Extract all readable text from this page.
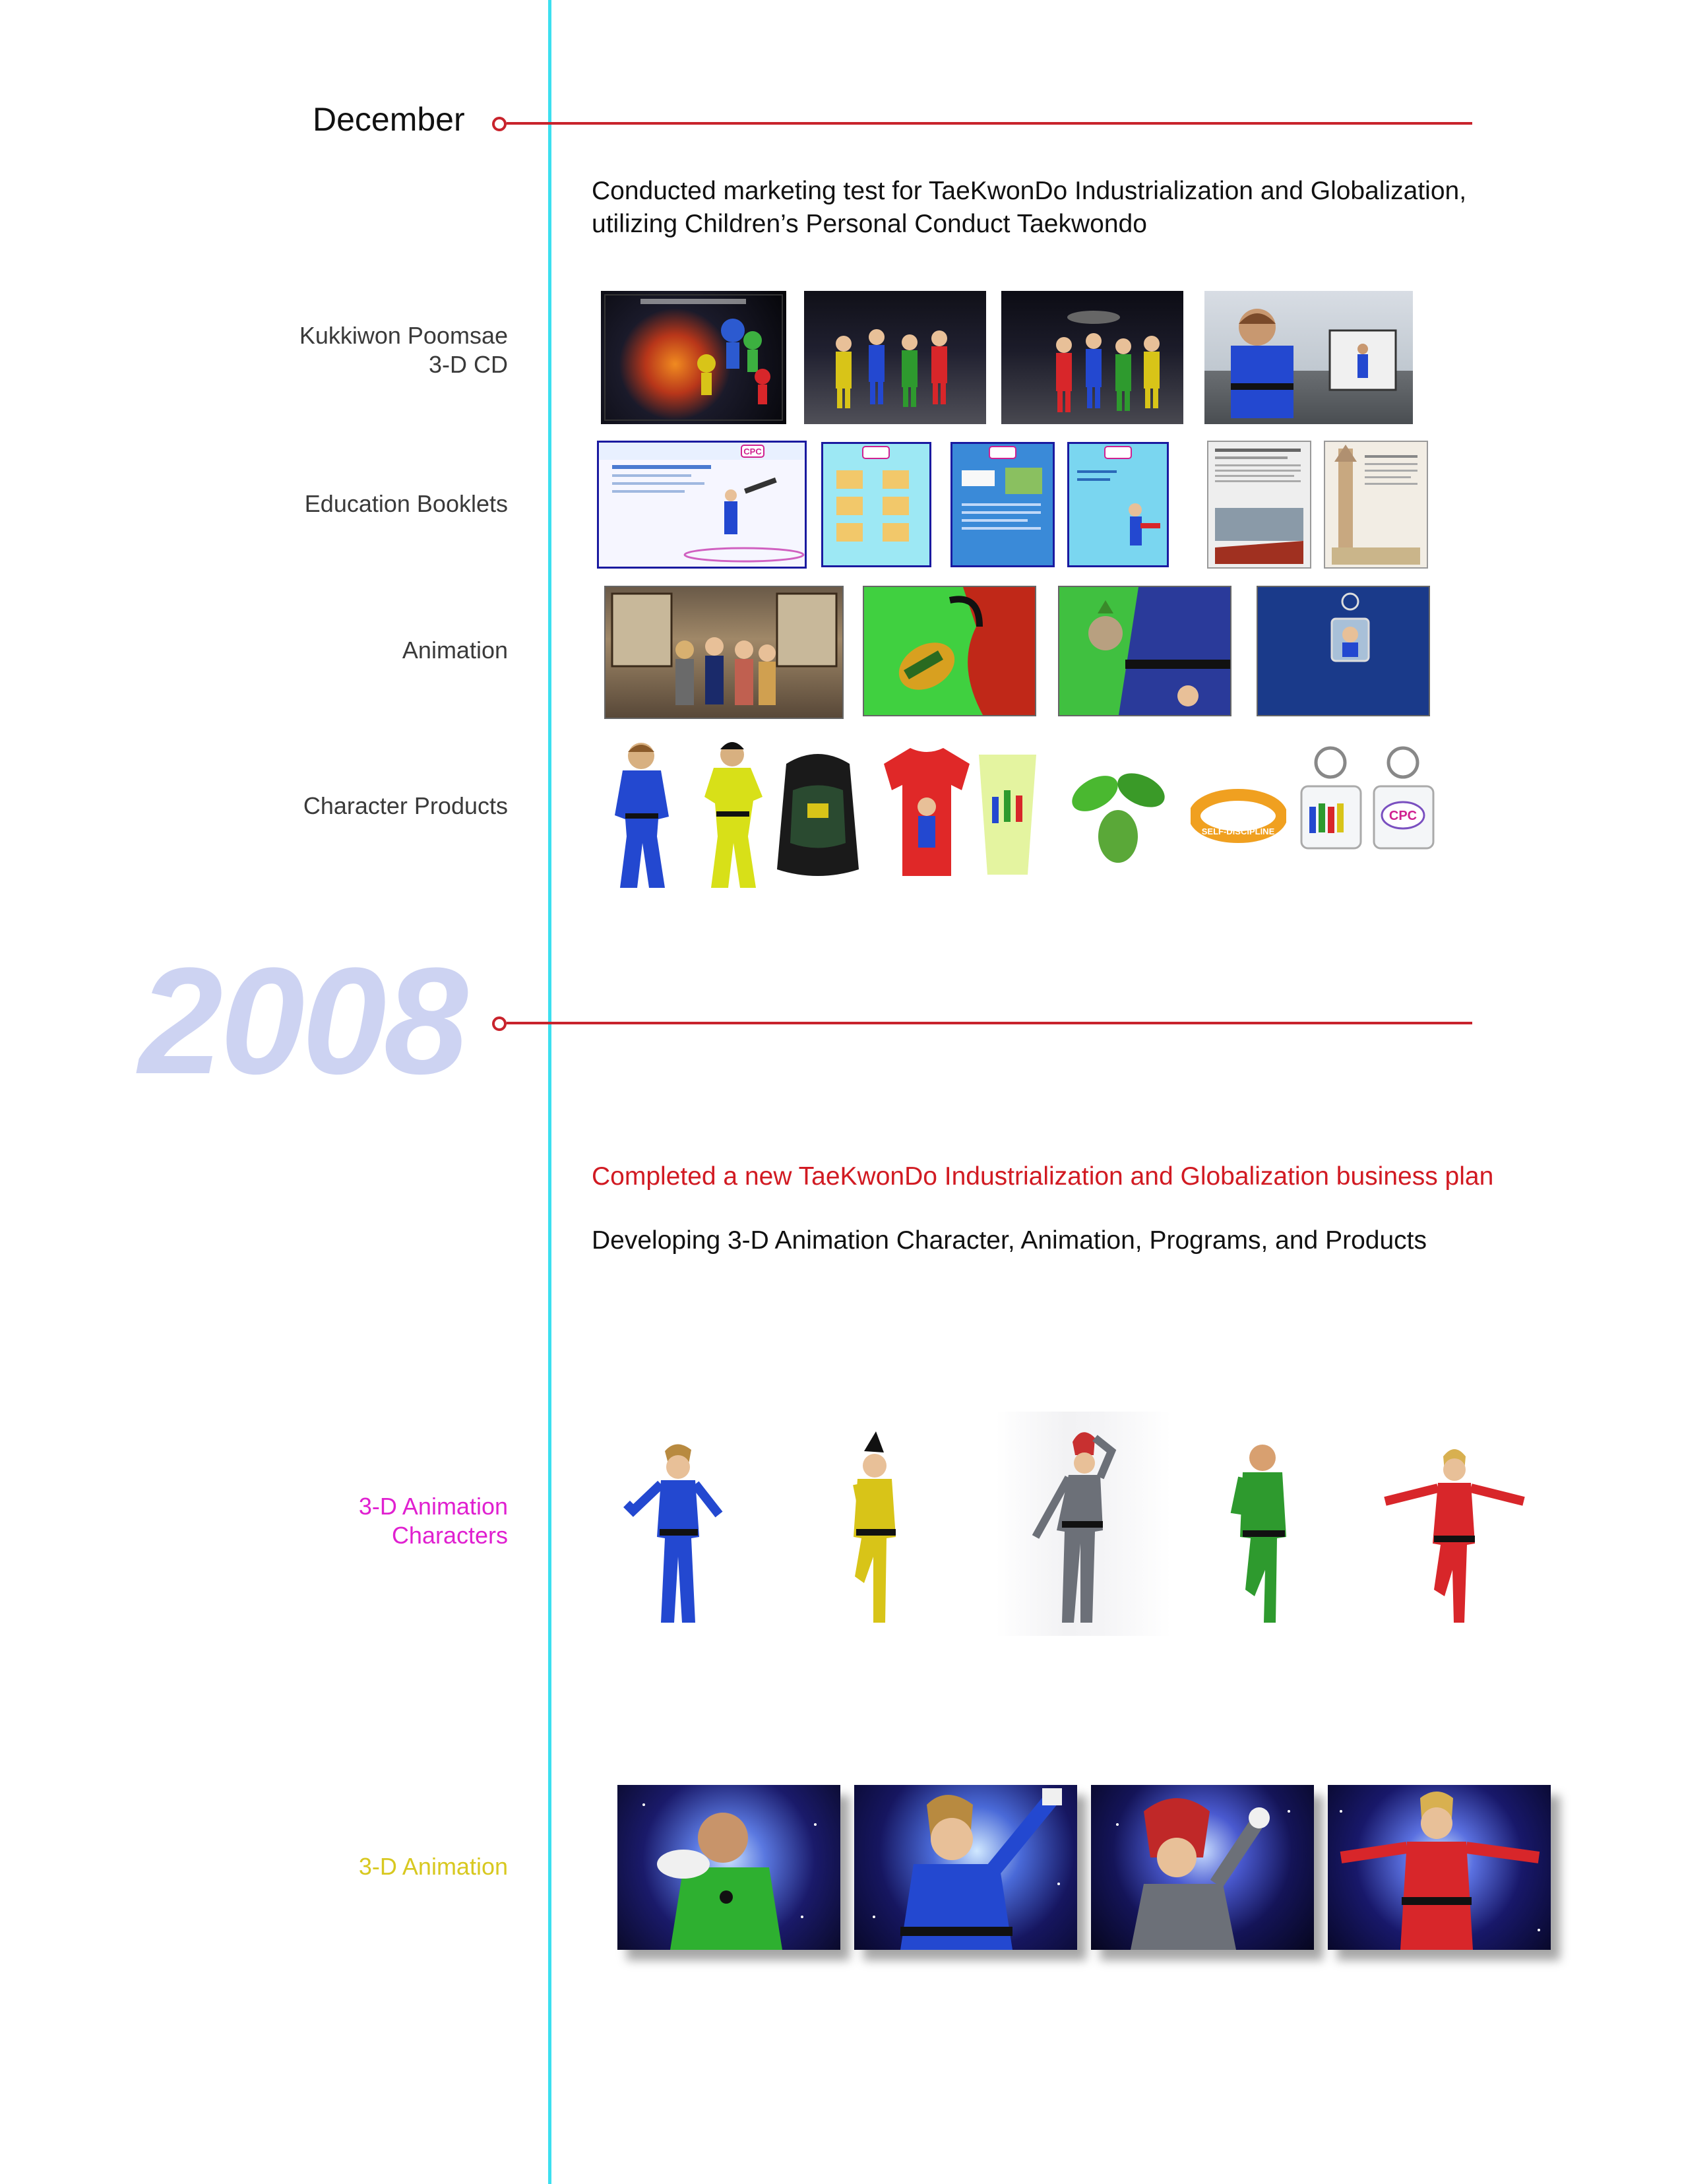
December
Conducted marketing test for TaeKwonDo Industrialization and Globalization,
utilizing Children’s Personal Conduct Taekwondo
Kukkiwon Poomsae
3-D CD
Education Booklets
Animation
Character Products
CPC
SELF-DISCIPLINE
CPC
2008
Completed a new TaeKwonDo Industrialization and Globalization business plan
Developing 3-D Animation Character, Animation, Programs, and Products
3-D Animation
Characters
3-D Animation
